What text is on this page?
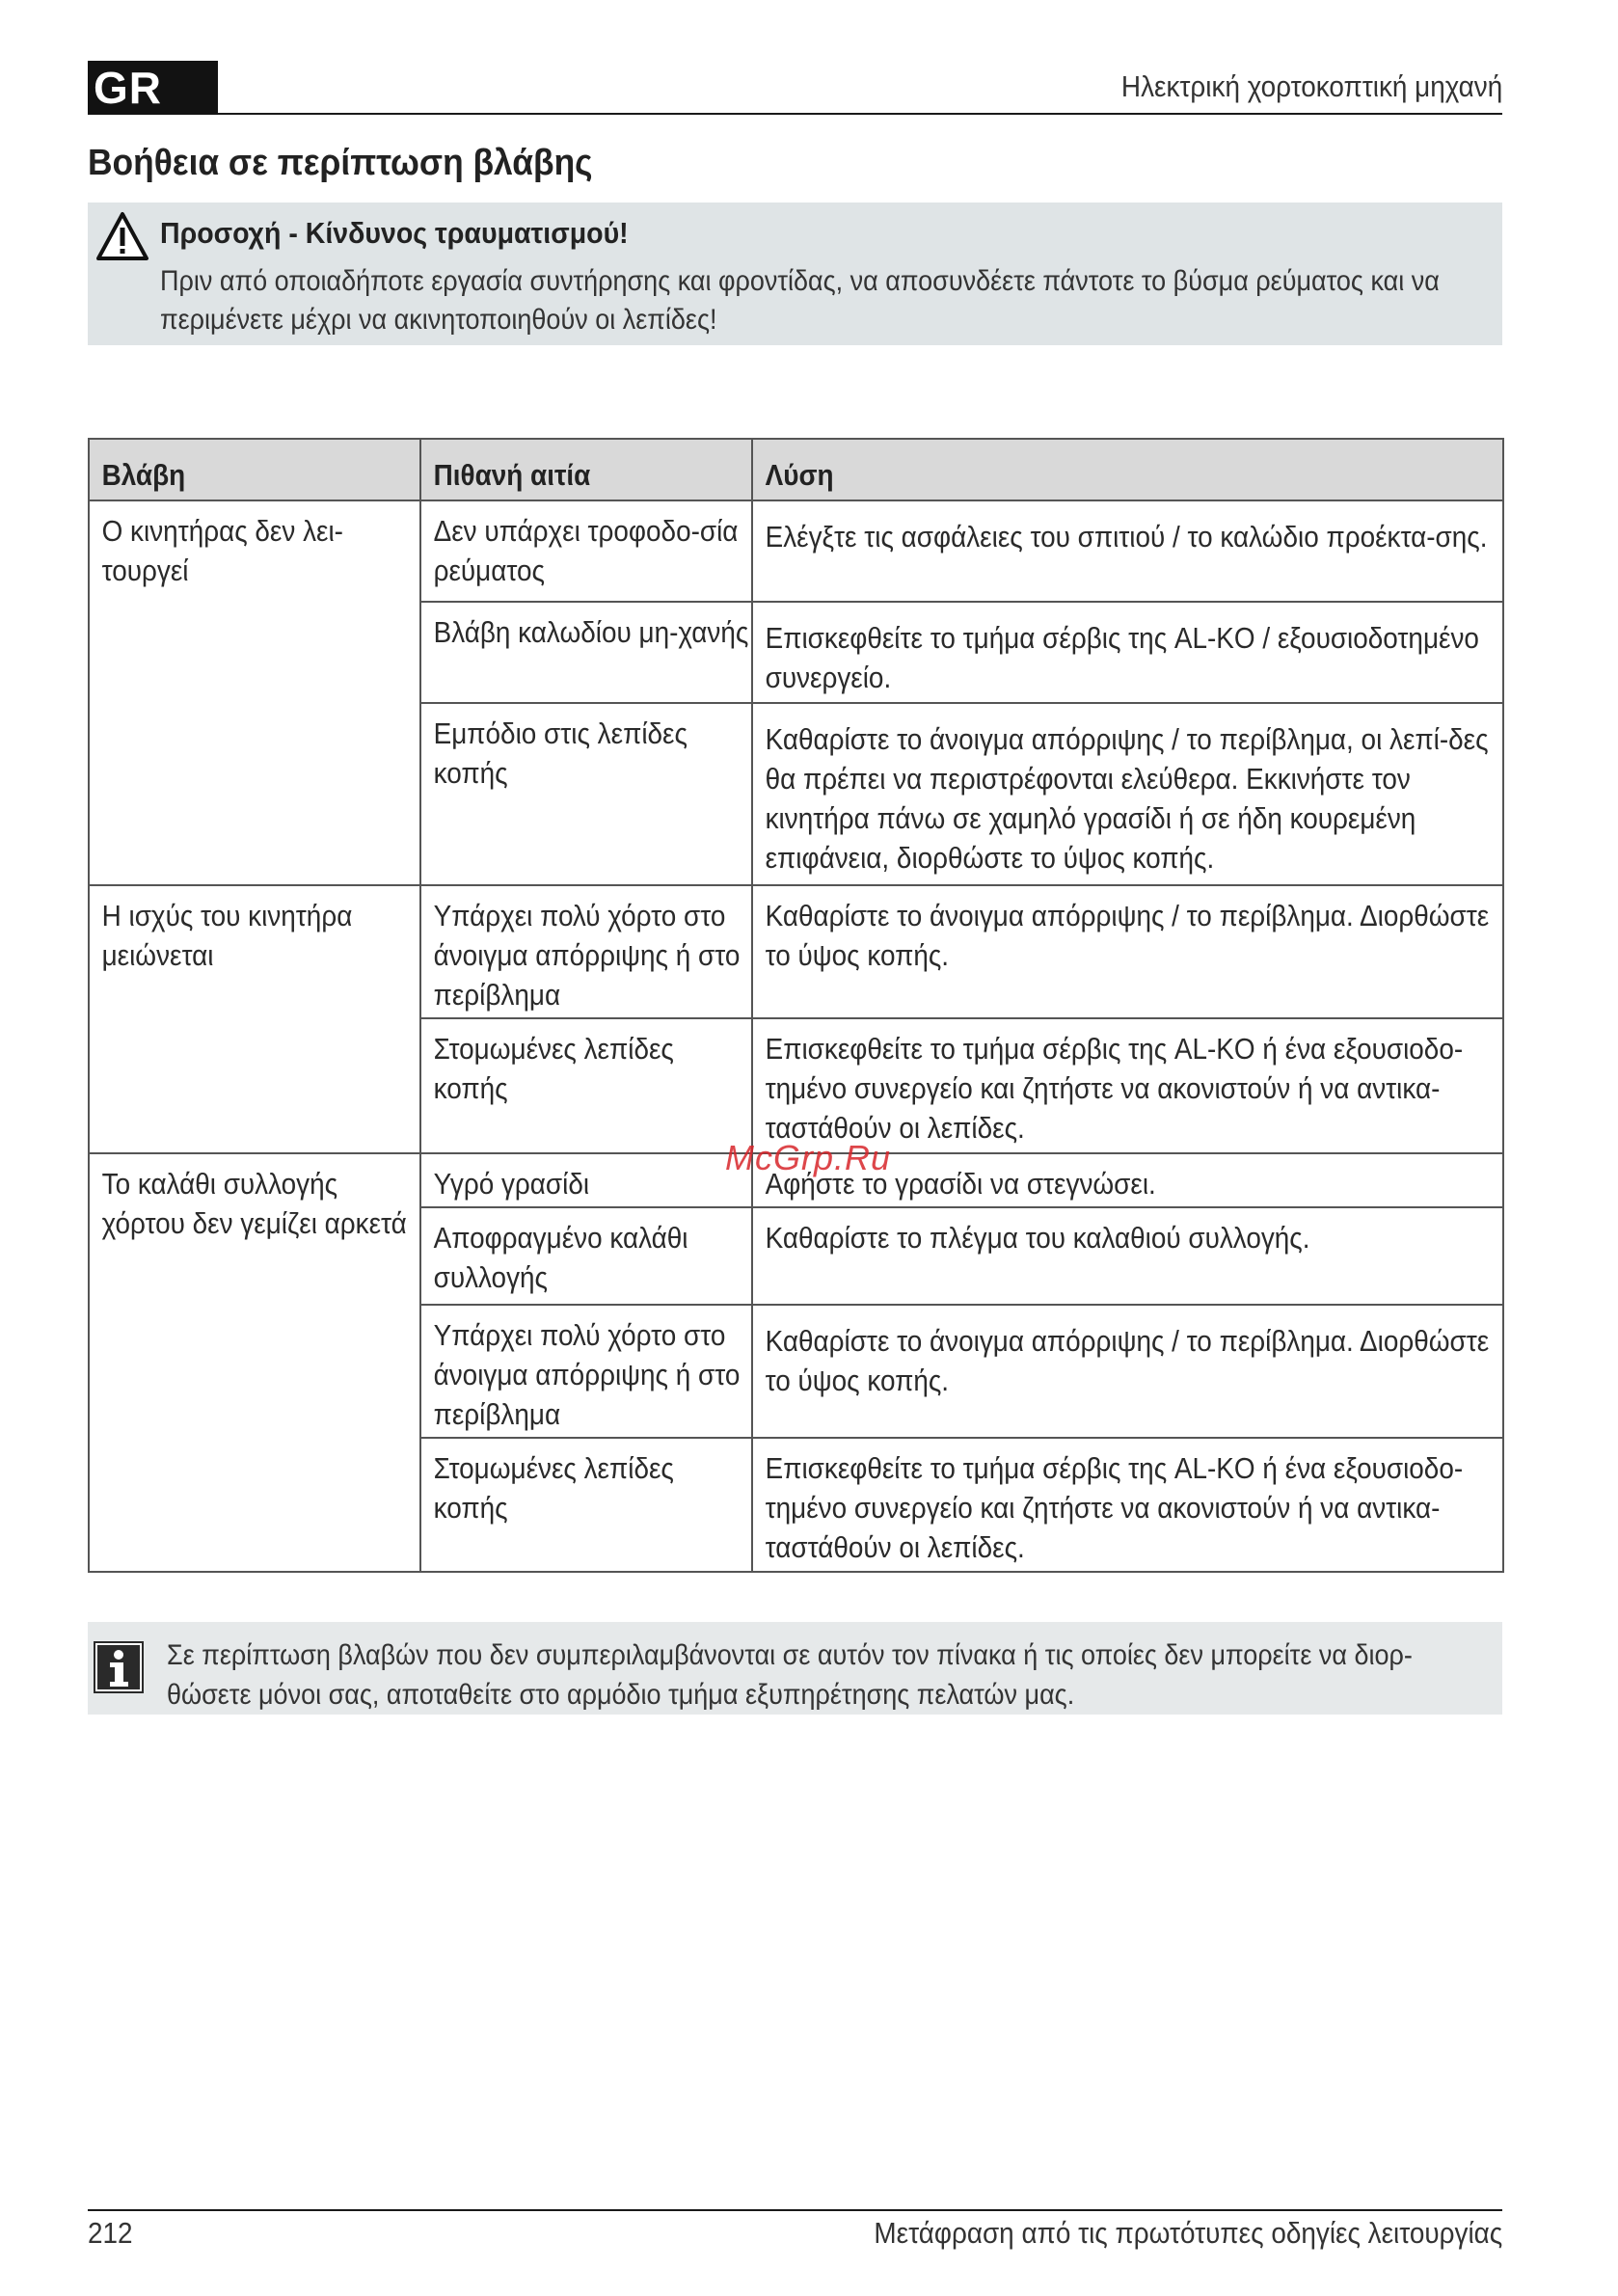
GR	Ηλεκτρική χορτοκοπτική μηχανή
Βοήθεια σε περίπτωση βλάβης
Προσοχή - Κίνδυνος τραυματισμού!
Πριν από οποιαδήποτε εργασία συντήρησης και φροντίδας, να αποσυνδέετε πάντοτε το βύσμα ρεύματος και να περιμένετε μέχρι να ακινητοποιηθούν οι λεπίδες!
Βλάβη	Πιθανή αιτία	Λύση

Ο κινητήρας δεν λει-τουργεί	Δεν υπάρχει τροφοδο-σία ρεύματος	Ελέγξτε τις ασφάλειες του σπιτιού / το καλώδιο προέκτα-σης.

	Βλάβη καλωδίου μη-χανής	Επισκεφθείτε το τμήμα σέρβις της AL-KO / εξουσιοδοτημένο συνεργείο.

	Εμπόδιο στις λεπίδες κοπής	Καθαρίστε το άνοιγμα απόρριψης / το περίβλημα, οι λεπί-δες θα πρέπει να περιστρέφονται ελεύθερα. Εκκινήστε τον κινητήρα πάνω σε χαμηλό γρασίδι ή σε ήδη κουρεμένη επιφάνεια, διορθώστε το ύψος κοπής.

Η ισχύς του κινητήρα μειώνεται	Υπάρχει πολύ χόρτο στο άνοιγμα απόρριψης ή στο περίβλημα	Καθαρίστε το άνοιγμα απόρριψης / το περίβλημα. Διορθώστε το ύψος κοπής.

	Στομωμένες λεπίδες κοπής	Επισκεφθείτε το τμήμα σέρβις της AL-KO ή ένα εξουσιοδο-τημένο συνεργείο και ζητήστε να ακονιστούν ή να αντικα-ταστάθούν οι λεπίδες.

Το καλάθι συλλογής χόρτου δεν γεμίζει αρκετά	Υγρό γρασίδι	Αφήστε το γρασίδι να στεγνώσει.

	Αποφραγμένο καλάθι συλλογής	Καθαρίστε το πλέγμα του καλαθιού συλλογής.

	Υπάρχει πολύ χόρτο στο άνοιγμα απόρριψης ή στο περίβλημα	Καθαρίστε το άνοιγμα απόρριψης / το περίβλημα. Διορθώστε το ύψος κοπής.

	Στομωμένες λεπίδες κοπής	Επισκεφθείτε το τμήμα σέρβις της AL-KO ή ένα εξουσιοδο-τημένο συνεργείο και ζητήστε να ακονιστούν ή να αντικα-ταστάθούν οι λεπίδες.
McGrp.Ru
Σε περίπτωση βλαβών που δεν συμπεριλαμβάνονται σε αυτόν τον πίνακα ή τις οποίες δεν μπορείτε να διορ-θώσετε μόνοι σας, αποταθείτε στο αρμόδιο τμήμα εξυπηρέτησης πελατών μας.
212	Μετάφραση από τις πρωτότυπες οδηγίες λειτουργίας
